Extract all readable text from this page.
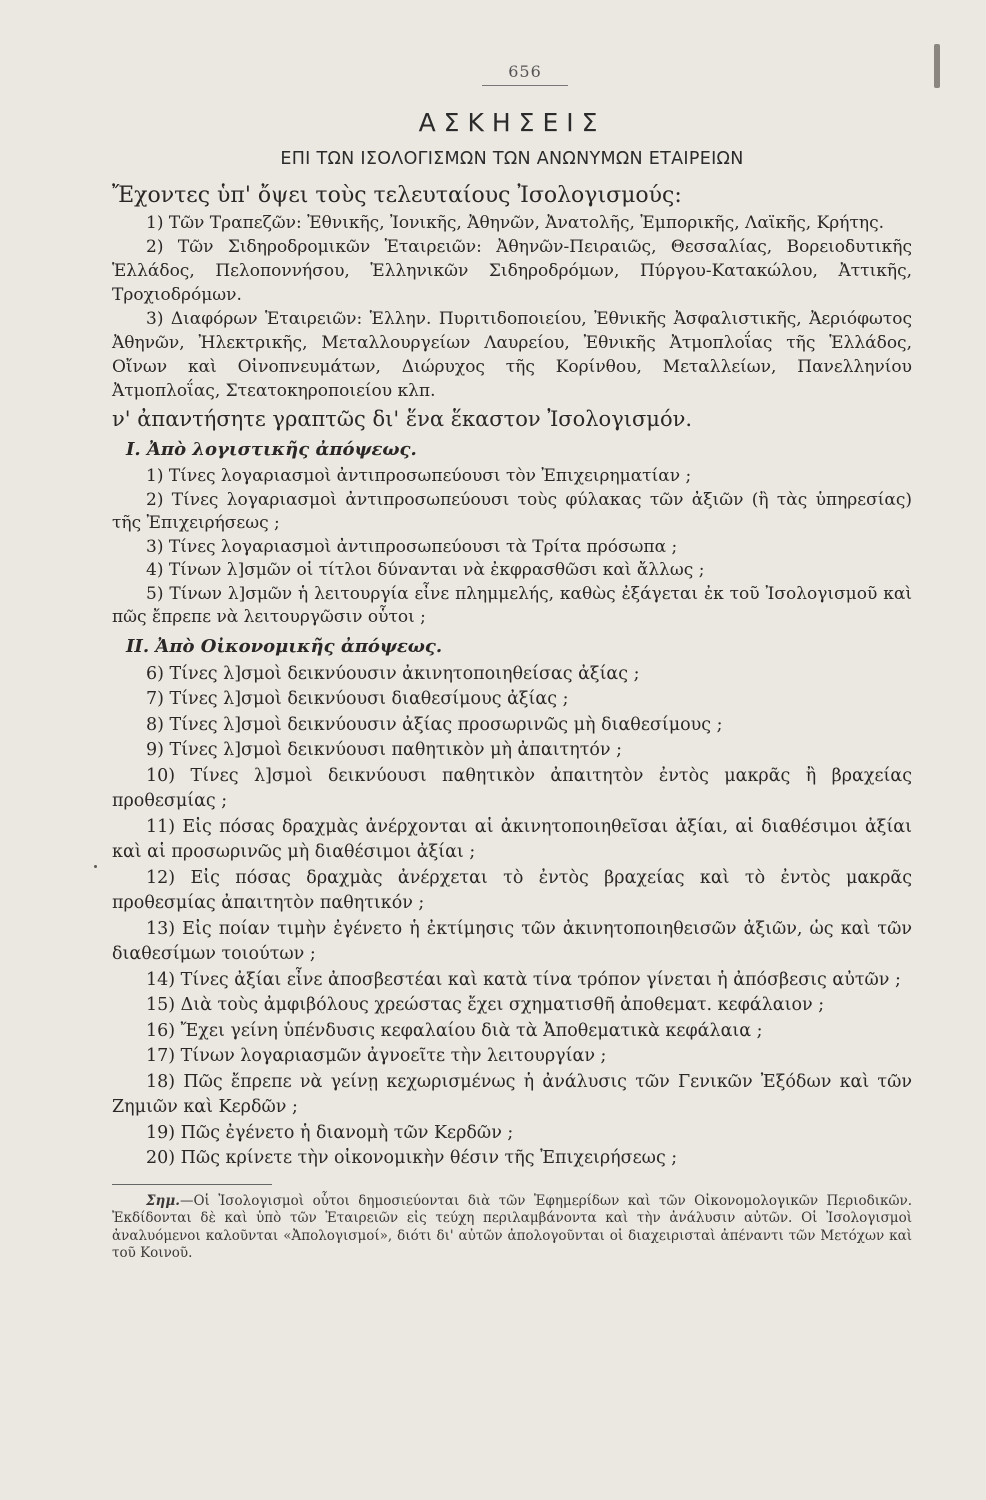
656
ΑΣΚΗΣΕΙΣ
ΕΠΙ ΤΩΝ ΙΣΟΛΟΓΙΣΜΩΝ ΤΩΝ ΑΝΩΝΥΜΩΝ ΕΤΑΙΡΕΙΩΝ
Ἔχοντες ὑπ' ὄψει τοὺς τελευταίους Ἰσολογισμούς:

1) Τῶν Τραπεζῶν: Ἐθνικῆς, Ἰονικῆς, Ἀθηνῶν, Ἀνατολῆς, Ἐμπορικῆς, Λαϊκῆς, Κρήτης.

2) Τῶν Σιδηροδρομικῶν Ἑταιρειῶν: Ἀθηνῶν-Πειραιῶς, Θεσσαλίας, Βορειοδυτικῆς Ἑλλάδος, Πελοποννήσου, Ἑλληνικῶν Σιδηροδρόμων, Πύργου-Κατακώλου, Ἀττικῆς, Τροχιοδρόμων.

3) Διαφόρων Ἑταιρειῶν: Ἑλλην. Πυριτιδοποιείου, Ἐθνικῆς Ἀσφαλιστικῆς, Ἀεριόφωτος Ἀθηνῶν, Ἠλεκτρικῆς, Μεταλλουργείων Λαυρείου, Ἐθνικῆς Ἀτμοπλοΐας τῆς Ἑλλάδος, Οἴνων καὶ Οἰνοπνευμάτων, Διώρυχος τῆς Κορίνθου, Μεταλλείων, Πανελληνίου Ἀτμοπλοΐας, Στεατοκηροποιείου κλπ.

ν' ἀπαντήσητε γραπτῶς δι' ἕνα ἕκαστον Ἰσολογισμόν.
Ι. Ἀπὸ λογιστικῆς ἀπόψεως.

1) Τίνες λογαριασμοὶ ἀντιπροσωπεύουσι τὸν Ἐπιχειρηματίαν ;

2) Τίνες λογαριασμοὶ ἀντιπροσωπεύουσι τοὺς φύλακας τῶν ἀξιῶν (ἢ τὰς ὑπηρεσίας) τῆς Ἐπιχειρήσεως ;

3) Τίνες λογαριασμοὶ ἀντιπροσωπεύουσι τὰ Τρίτα πρόσωπα ;

4) Τίνων λ]σμῶν οἱ τίτλοι δύνανται νὰ ἐκφρασθῶσι καὶ ἄλλως ;

5) Τίνων λ]σμῶν ἡ λειτουργία εἶνε πλημμελής, καθὼς ἐξάγεται ἐκ τοῦ Ἰσολογισμοῦ καὶ πῶς ἔπρεπε νὰ λειτουργῶσιν οὗτοι ;

ΙΙ. Ἀπὸ Οἰκονομικῆς ἀπόψεως.

6) Τίνες λ]σμοὶ δεικνύουσιν ἀκινητοποιηθείσας ἀξίας ;

7) Τίνες λ]σμοὶ δεικνύουσι διαθεσίμους ἀξίας ;

8) Τίνες λ]σμοὶ δεικνύουσιν ἀξίας προσωρινῶς μὴ διαθεσίμους ;

9) Τίνες λ]σμοὶ δεικνύουσι παθητικὸν μὴ ἀπαιτητόν ;

10) Τίνες λ]σμοὶ δεικνύουσι παθητικὸν ἀπαιτητὸν ἐντὸς μακρᾶς ἢ βραχείας προθεσμίας ;

11) Εἰς πόσας δραχμὰς ἀνέρχονται αἱ ἀκινητοποιηθεῖσαι ἀξίαι, αἱ διαθέσιμοι ἀξίαι καὶ αἱ προσωρινῶς μὴ διαθέσιμοι ἀξίαι ;

12) Εἰς πόσας δραχμὰς ἀνέρχεται τὸ ἐντὸς βραχείας καὶ τὸ ἐντὸς μακρᾶς προθεσμίας ἀπαιτητὸν παθητικόν ;

13) Εἰς ποίαν τιμὴν ἐγένετο ἡ ἐκτίμησις τῶν ἀκινητοποιηθεισῶν ἀξιῶν, ὡς καὶ τῶν διαθεσίμων τοιούτων ;

14) Τίνες ἀξίαι εἶνε ἀποσβεστέαι καὶ κατὰ τίνα τρόπον γίνεται ἡ ἀπόσβεσις αὐτῶν ;

15) Διὰ τοὺς ἀμφιβόλους χρεώστας ἔχει σχηματισθῆ ἀποθεματ. κεφάλαιον ;

16) Ἔχει γείνη ὑπένδυσις κεφαλαίου διὰ τὰ Ἀποθεματικὰ κεφάλαια ;

17) Τίνων λογαριασμῶν ἀγνοεῖτε τὴν λειτουργίαν ;

18) Πῶς ἔπρεπε νὰ γείνῃ κεχωρισμένως ἡ ἀνάλυσις τῶν Γενικῶν Ἐξόδων καὶ τῶν Ζημιῶν καὶ Κερδῶν ;

19) Πῶς ἐγένετο ἡ διανομὴ τῶν Κερδῶν ;

20) Πῶς κρίνετε τὴν οἰκονομικὴν θέσιν τῆς Ἐπιχειρήσεως ;

Σημ.—Οἱ Ἰσολογισμοὶ οὗτοι δημοσιεύονται διὰ τῶν Ἐφημερίδων καὶ τῶν Οἰκονομολογικῶν Περιοδικῶν. Ἐκδίδονται δὲ καὶ ὑπὸ τῶν Ἑταιρειῶν εἰς τεύχη περιλαμβάνοντα καὶ τὴν ἀνάλυσιν αὐτῶν. Οἱ Ἰσολογισμοὶ ἀναλυόμενοι καλοῦνται «Ἀπολογισμοί», διότι δι' αὐτῶν ἀπολογοῦνται οἱ διαχειρισταὶ ἀπέναντι τῶν Μετόχων καὶ τοῦ Κοινοῦ.
